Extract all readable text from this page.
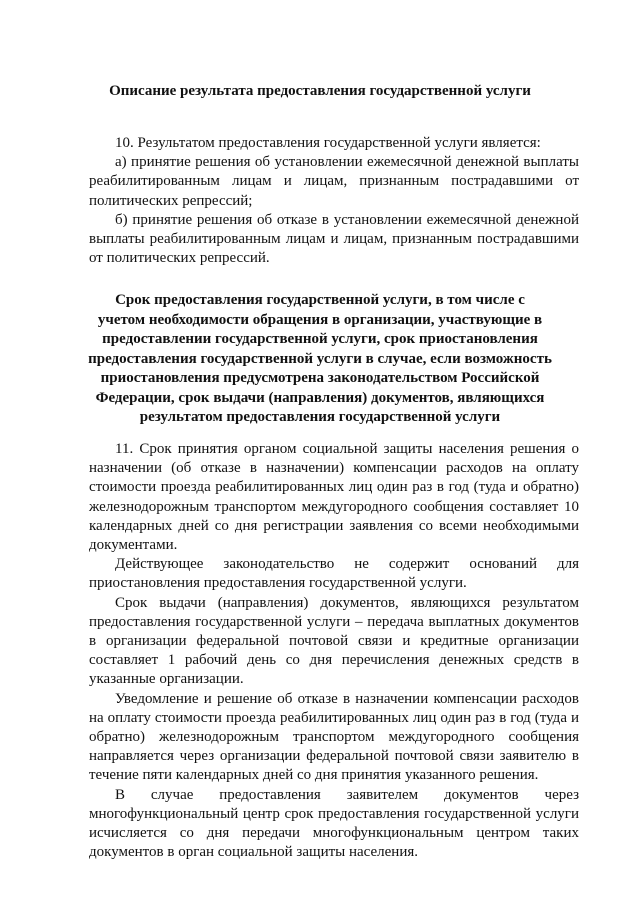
Описание результата предоставления государственной услуги

10. Результатом предоставления государственной услуги является:

а) принятие решения об установлении ежемесячной денежной выплаты реабилитированным лицам и лицам, признанным пострадавшими от политических репрессий;

б) принятие решения об отказе в установлении ежемесячной денежной выплаты реабилитированным лицам и лицам, признанным пострадавшими от политических репрессий.

Срок предоставления государственной услуги, в том числе с
учетом необходимости обращения в организации, участвующие в
предоставлении государственной услуги, срок приостановления
предоставления государственной услуги в случае, если возможность
приостановления предусмотрена законодательством Российской
Федерации, срок выдачи (направления) документов, являющихся
результатом предоставления государственной услуги

11. Срок принятия органом социальной защиты населения решения о назначении (об отказе в назначении) компенсации расходов на оплату стоимости проезда реабилитированных лиц один раз в год (туда и обратно) железнодорожным транспортом междугородного сообщения составляет 10 календарных дней со дня регистрации заявления со всеми необходимыми документами.

Действующее законодательство не содержит оснований для приостановления предоставления государственной услуги.

Срок выдачи (направления) документов, являющихся результатом предоставления государственной услуги – передача выплатных документов в организации федеральной почтовой связи и кредитные организации составляет 1 рабочий день со дня перечисления денежных средств в указанные организации.

Уведомление и решение об отказе в назначении компенсации расходов на оплату стоимости проезда реабилитированных лиц один раз в год (туда и обратно) железнодорожным транспортом междугородного сообщения направляется через организации федеральной почтовой связи заявителю в течение пяти календарных дней со дня принятия указанного решения.

В случае предоставления заявителем документов через многофункциональный центр срок предоставления государственной услуги исчисляется со дня передачи многофункциональным центром таких документов в орган социальной защиты населения.
